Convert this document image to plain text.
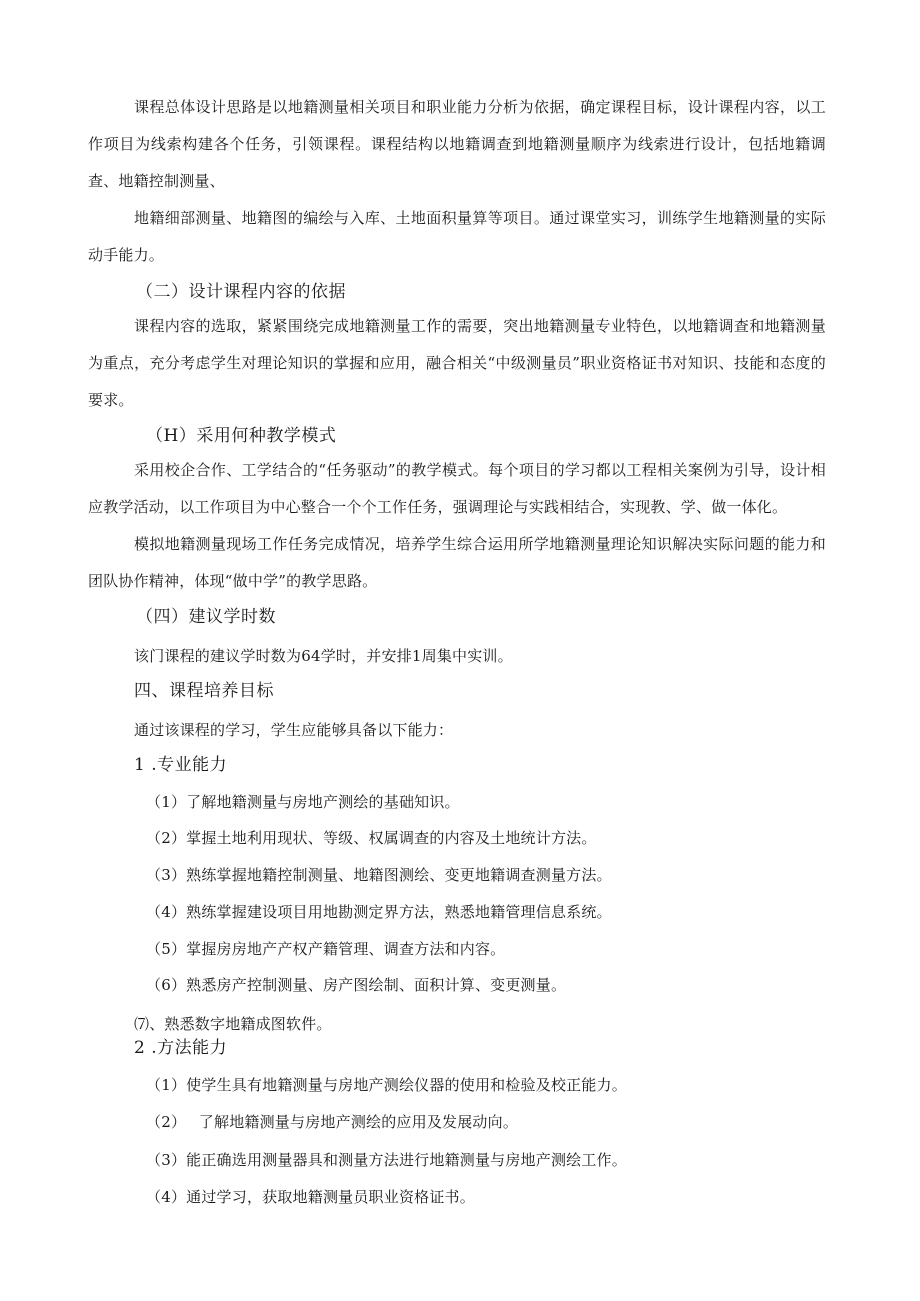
课程总体设计思路是以地籍测量相关项目和职业能力分析为依据，确定课程目标，设计课程内容，以工作项目为线索构建各个任务，引领课程。课程结构以地籍调查到地籍测量顺序为线索进行设计，包括地籍调查、地籍控制测量、
地籍细部测量、地籍图的编绘与入库、土地面积量算等项目。通过课堂实习，训练学生地籍测量的实际动手能力。
（二）设计课程内容的依据
课程内容的选取，紧紧围绕完成地籍测量工作的需要，突出地籍测量专业特色，以地籍调查和地籍测量为重点，充分考虑学生对理论知识的掌握和应用，融合相关“中级测量员”职业资格证书对知识、技能和态度的要求。
（H）采用何种教学模式
采用校企合作、工学结合的“任务驱动”的教学模式。每个项目的学习都以工程相关案例为引导，设计相应教学活动，以工作项目为中心整合一个个工作任务，强调理论与实践相结合，实现教、学、做一体化。
模拟地籍测量现场工作任务完成情况，培养学生综合运用所学地籍测量理论知识解决实际问题的能力和团队协作精神，体现“做中学”的教学思路。
（四）建议学时数
该门课程的建议学时数为64学时，并安排1周集中实训。
四、课程培养目标
通过该课程的学习，学生应能够具备以下能力：
1 .专业能力
（1）了解地籍测量与房地产测绘的基础知识。
（2）掌握土地利用现状、等级、权属调查的内容及土地统计方法。
（3）熟练掌握地籍控制测量、地籍图测绘、变更地籍调查测量方法。
（4）熟练掌握建设项目用地勘测定界方法，熟悉地籍管理信息系统。
（5）掌握房房地产产权产籍管理、调查方法和内容。
（6）熟悉房产控制测量、房产图绘制、面积计算、变更测量。
⑺、熟悉数字地籍成图软件。
2 .方法能力
（1）使学生具有地籍测量与房地产测绘仪器的使用和检验及校正能力。
（2）　 了解地籍测量与房地产测绘的应用及发展动向。
（3）能正确选用测量器具和测量方法进行地籍测量与房地产测绘工作。
（4）通过学习，获取地籍测量员职业资格证书。
